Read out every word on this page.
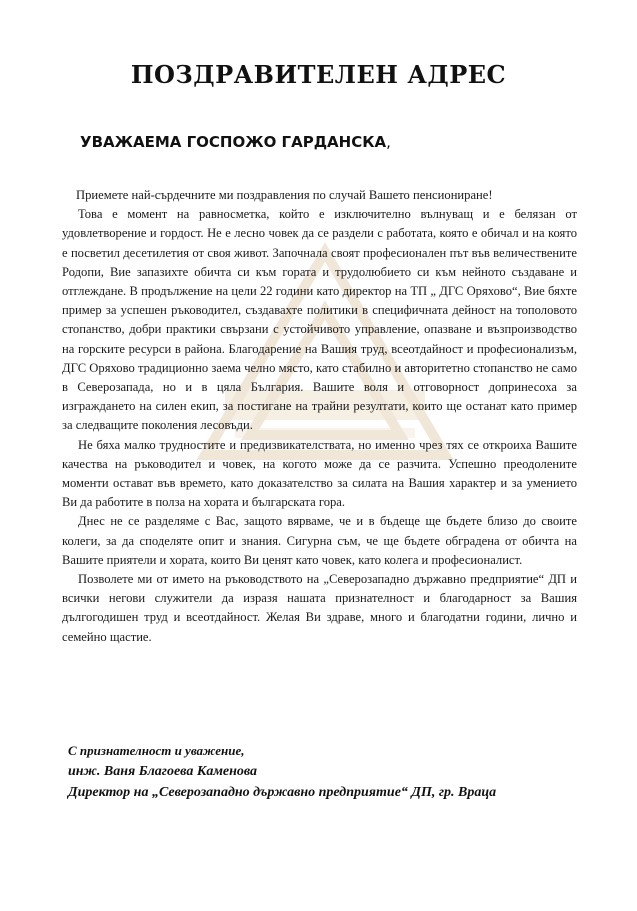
ПОЗДРАВИТЕЛЕН АДРЕС
УВАЖАЕМА ГОСПОЖО ГАРДАНСКА,

Приемете най-сърдечните ми поздравления по случай Вашето пенсиониране!

Това е момент на равносметка, който е изключително вълнуващ и е белязан от удовлетворение и гордост. Не е лесно човек да се раздели с работата, която е обичал и на която е посветил десетилетия от своя живот. Започнала своят професионален път във величествените Родопи, Вие запазихте обичта си към гората и трудолюбието си към нейното създаване и отглеждане. В продължение на цели 22 години като директор на ТП „ ДГС Оряхово“, Вие бяхте пример за успешен ръководител, създавахте политики в специфичната дейност на тополовото стопанство, добри практики свързани с устойчивото управление, опазване и възпроизводство на горските ресурси в района. Благодарение на Вашия труд, всеотдайност и професионализъм, ДГС Оряхово традиционно заема челно място, като стабилно и авторитетно стопанство не само в Северозапада, но и в цяла България. Вашите воля и отговорност допринесоха за изграждането на силен екип, за постигане на трайни резултати, които ще останат като пример за следващите поколения лесовъди.

Не бяха малко трудностите и предизвикателствата, но именно чрез тях се откроиха Вашите качества на ръководител и човек, на когото може да се разчита. Успешно преодолените моменти остават във времето, като доказателство за силата на Вашия характер и за умението Ви да работите в полза на хората и българската гора.

Днес не се разделяме с Вас, защото вярваме, че и в бъдеще ще бъдете близо до своите колеги, за да споделяте опит и знания. Сигурна съм, че ще бъдете обградена от обичта на Вашите приятели и хората, които Ви ценят като човек, като колега и професионалист.

Позволете ми от името на ръководството на „Северозападно държавно предприятие“ ДП и всички негови служители да изразя нашата признателност и благодарност за Вашия дългогодишен труд и всеотдайност. Желая Ви здраве, много и благодатни години, лично и семейно щастие.

С признателност и уважение,
инж. Ваня Благоева Каменова
Директор на „Северозападно държавно предприятие“ ДП, гр. Враца
